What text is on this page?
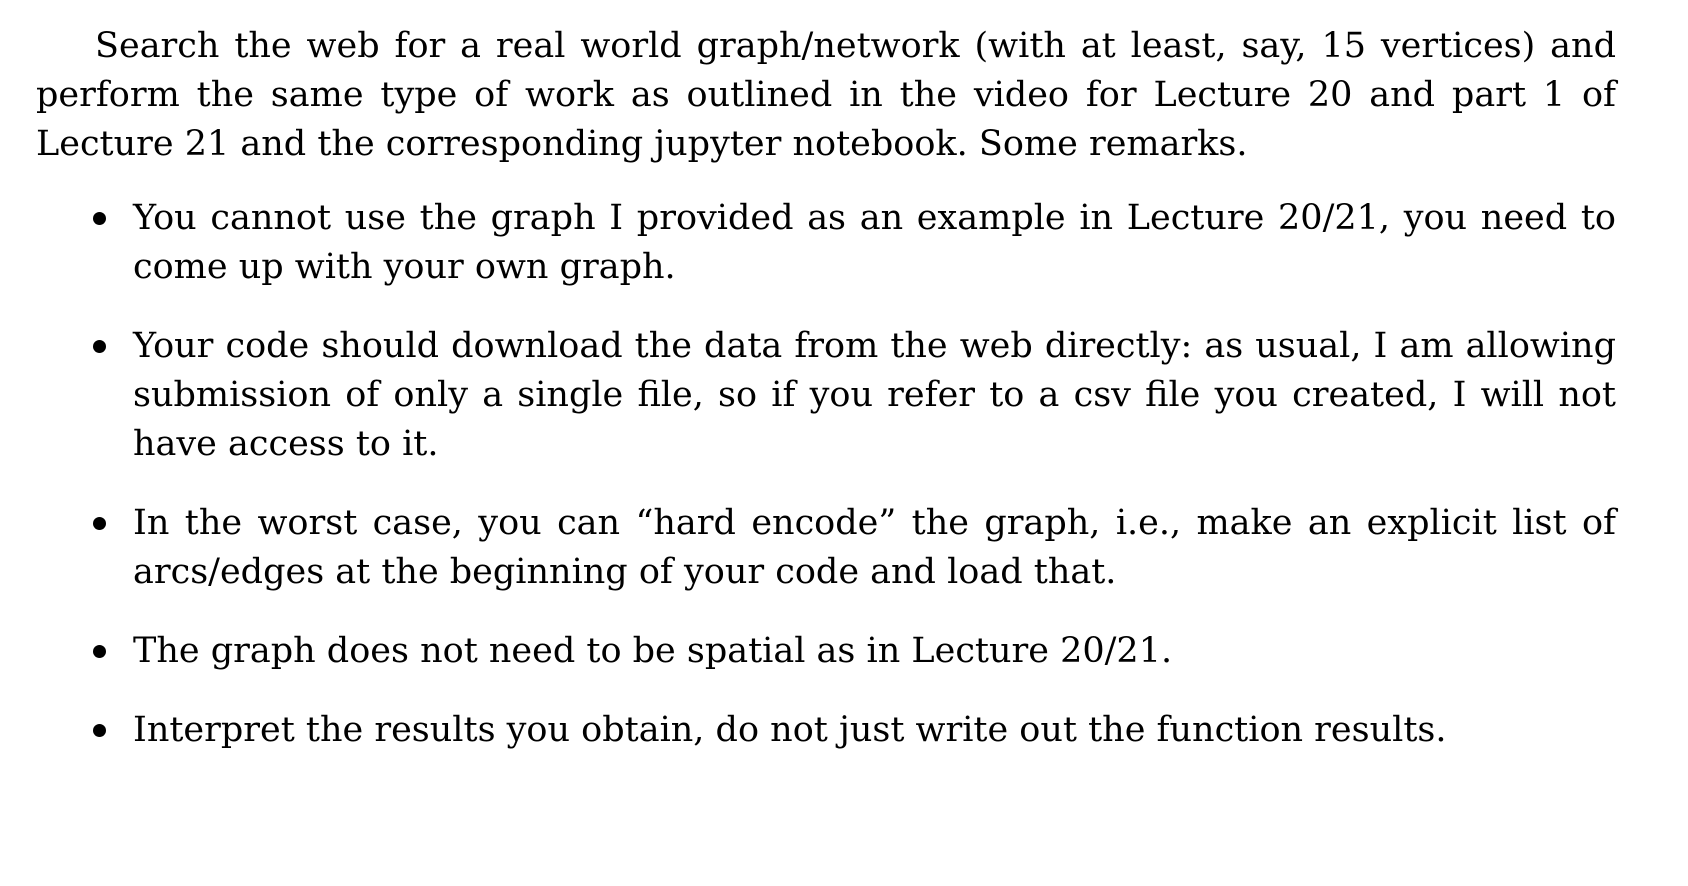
Search the web for a real world graph/network (with at least, say, 15 vertices) and perform the same type of work as outlined in the video for Lecture 20 and part 1 of Lecture 21 and the corresponding jupyter notebook. Some remarks.

You cannot use the graph I provided as an example in Lecture 20/21, you need to come up with your own graph.
Your code should download the data from the web directly: as usual, I am allowing submission of only a single file, so if you refer to a csv file you created, I will not have access to it.
In the worst case, you can “hard encode” the graph, i.e., make an explicit list of arcs/edges at the beginning of your code and load that.
The graph does not need to be spatial as in Lecture 20/21.
Interpret the results you obtain, do not just write out the function results.
